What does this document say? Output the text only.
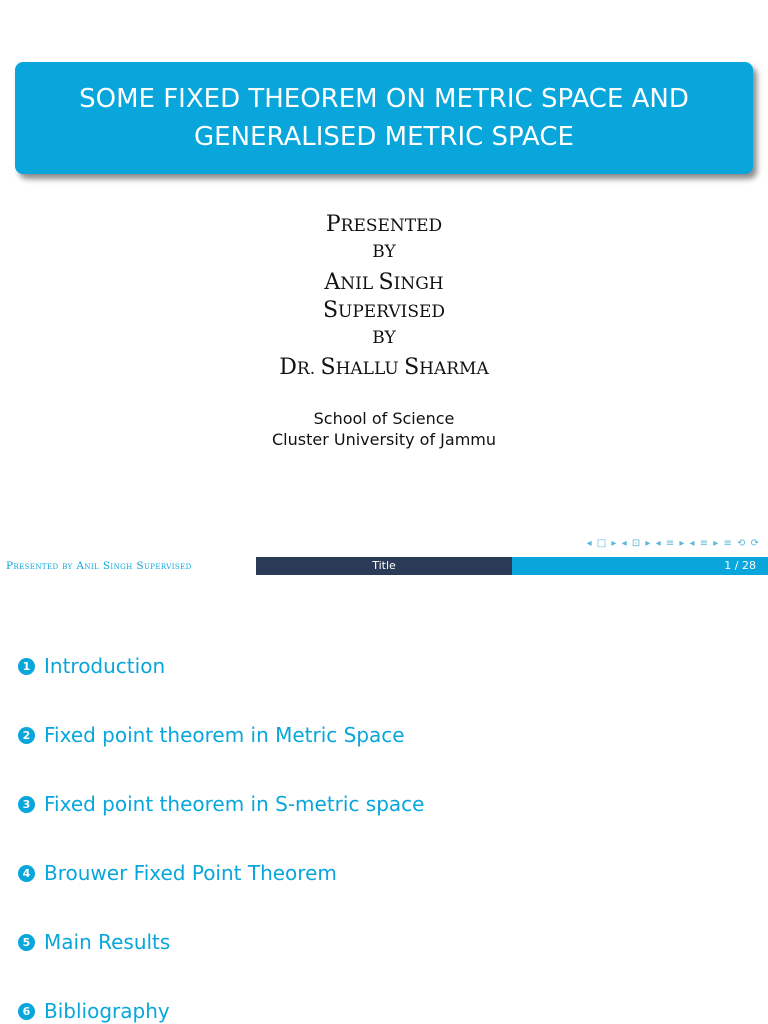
SOME FIXED THEOREM ON METRIC SPACE AND GENERALISED METRIC SPACE
PRESENTED
BY
ANIL SINGH
SUPERVISED
BY
DR. SHALLU SHARMA
School of Science
Cluster University of Jammu
◂ □ ▸ ◂ ⊡ ▸ ◂ ≡ ▸ ◂ ≡ ▸ ≡ ⟲ ⟳
Presented by Anil Singh Supervised	Title	1 / 28
1 Introduction
2 Fixed point theorem in Metric Space
3 Fixed point theorem in S-metric space
4 Brouwer Fixed Point Theorem
5 Main Results
6 Bibliography
